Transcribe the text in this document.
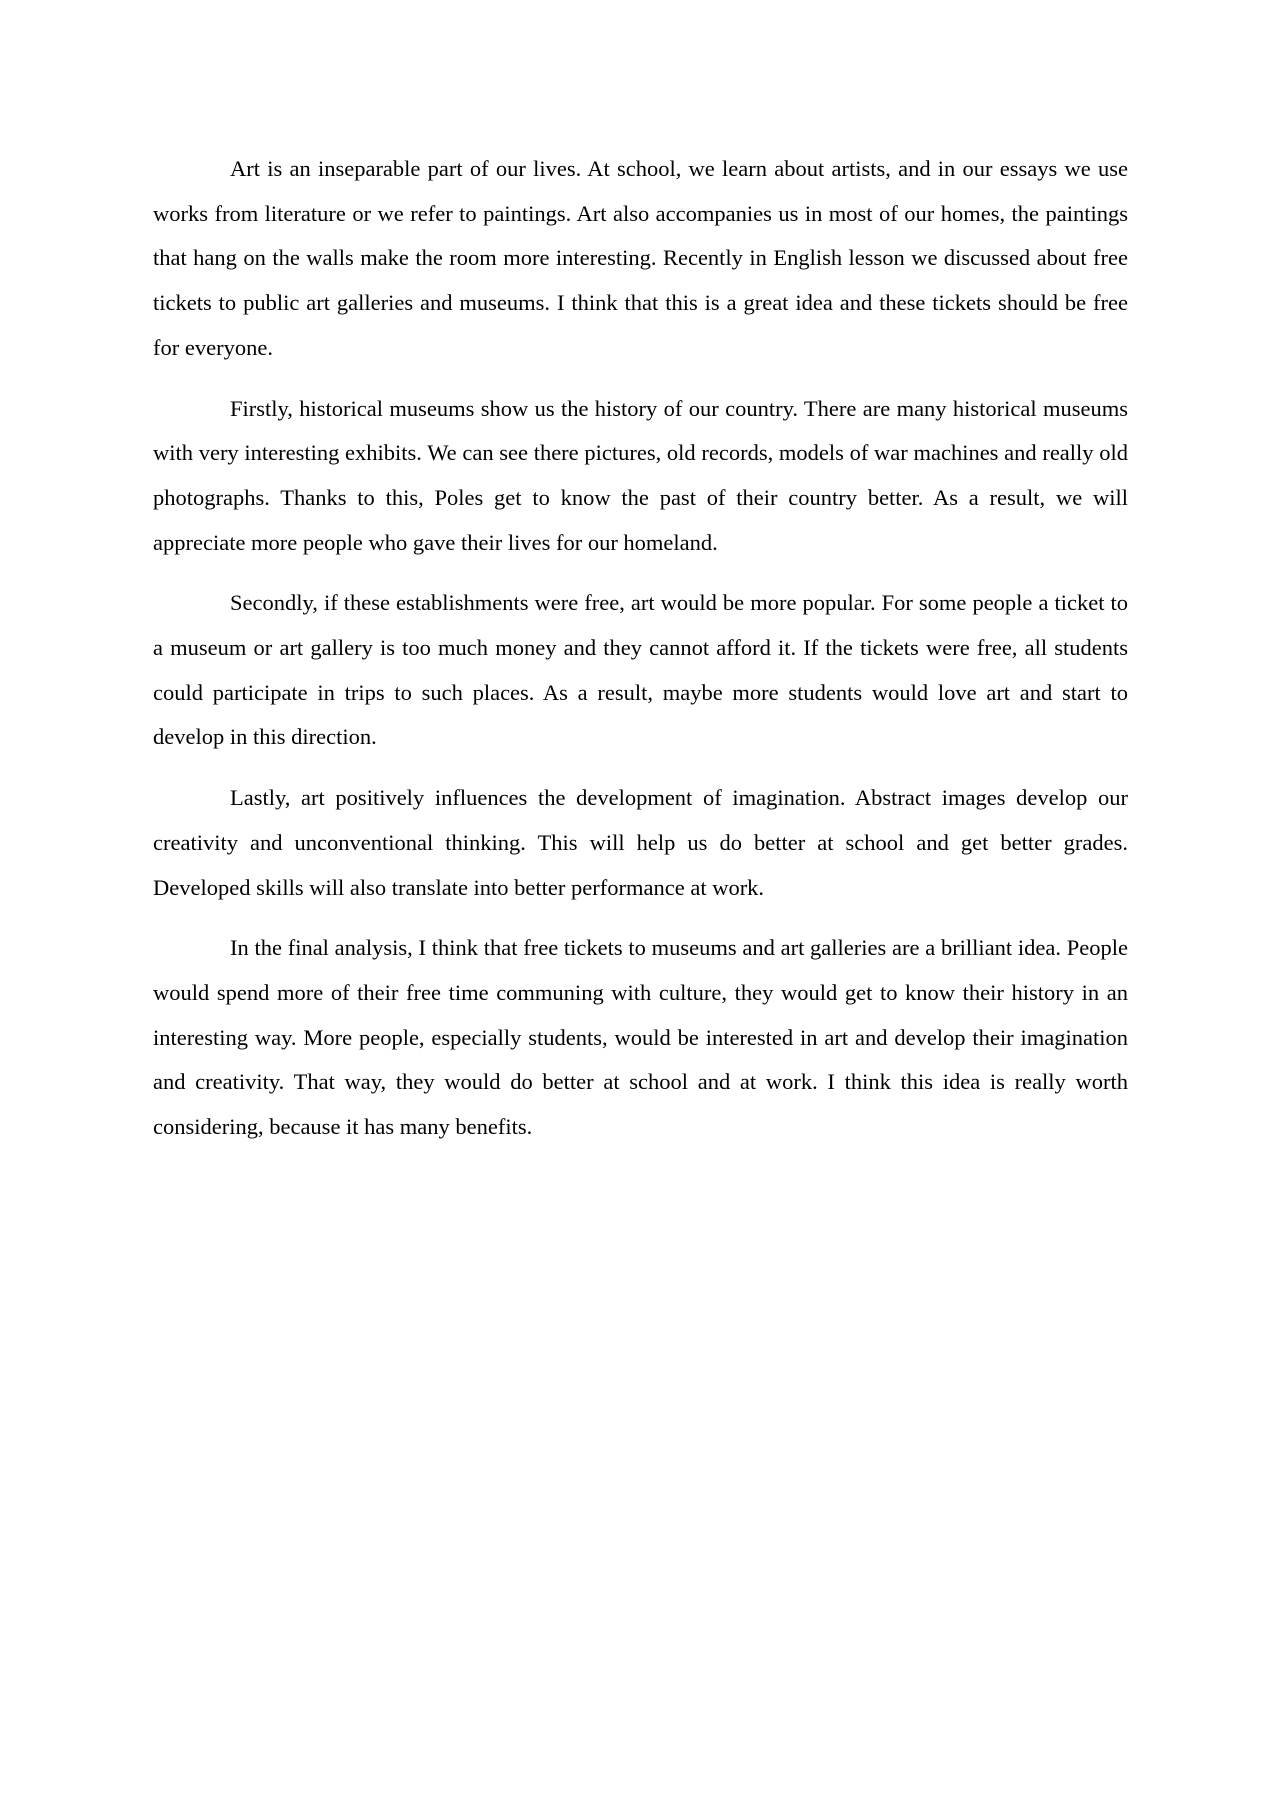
Art is an inseparable part of our lives. At school, we learn about artists, and in our essays we use works from literature or we refer to paintings. Art also accompanies us in most of our homes, the paintings that hang on the walls make the room more interesting. Recently in English lesson we discussed about free tickets to public art galleries and museums. I think that this is a great idea and these tickets should be free for everyone.

Firstly, historical museums show us the history of our country. There are many historical museums with very interesting exhibits. We can see there pictures, old records, models of war machines and really old photographs. Thanks to this, Poles get to know the past of their country better. As a result, we will appreciate more people who gave their lives for our homeland.

Secondly, if these establishments were free, art would be more popular. For some people a ticket to a museum or art gallery is too much money and they cannot afford it. If the tickets were free, all students could participate in trips to such places. As a result, maybe more students would love art and start to develop in this direction.

Lastly, art positively influences the development of imagination. Abstract images develop our creativity and unconventional thinking. This will help us do better at school and get better grades. Developed skills will also translate into better performance at work.

In the final analysis, I think that free tickets to museums and art galleries are a brilliant idea. People would spend more of their free time communing with culture, they would get to know their history in an interesting way. More people, especially students, would be interested in art and develop their imagination and creativity. That way, they would do better at school and at work. I think this idea is really worth considering, because it has many benefits.
